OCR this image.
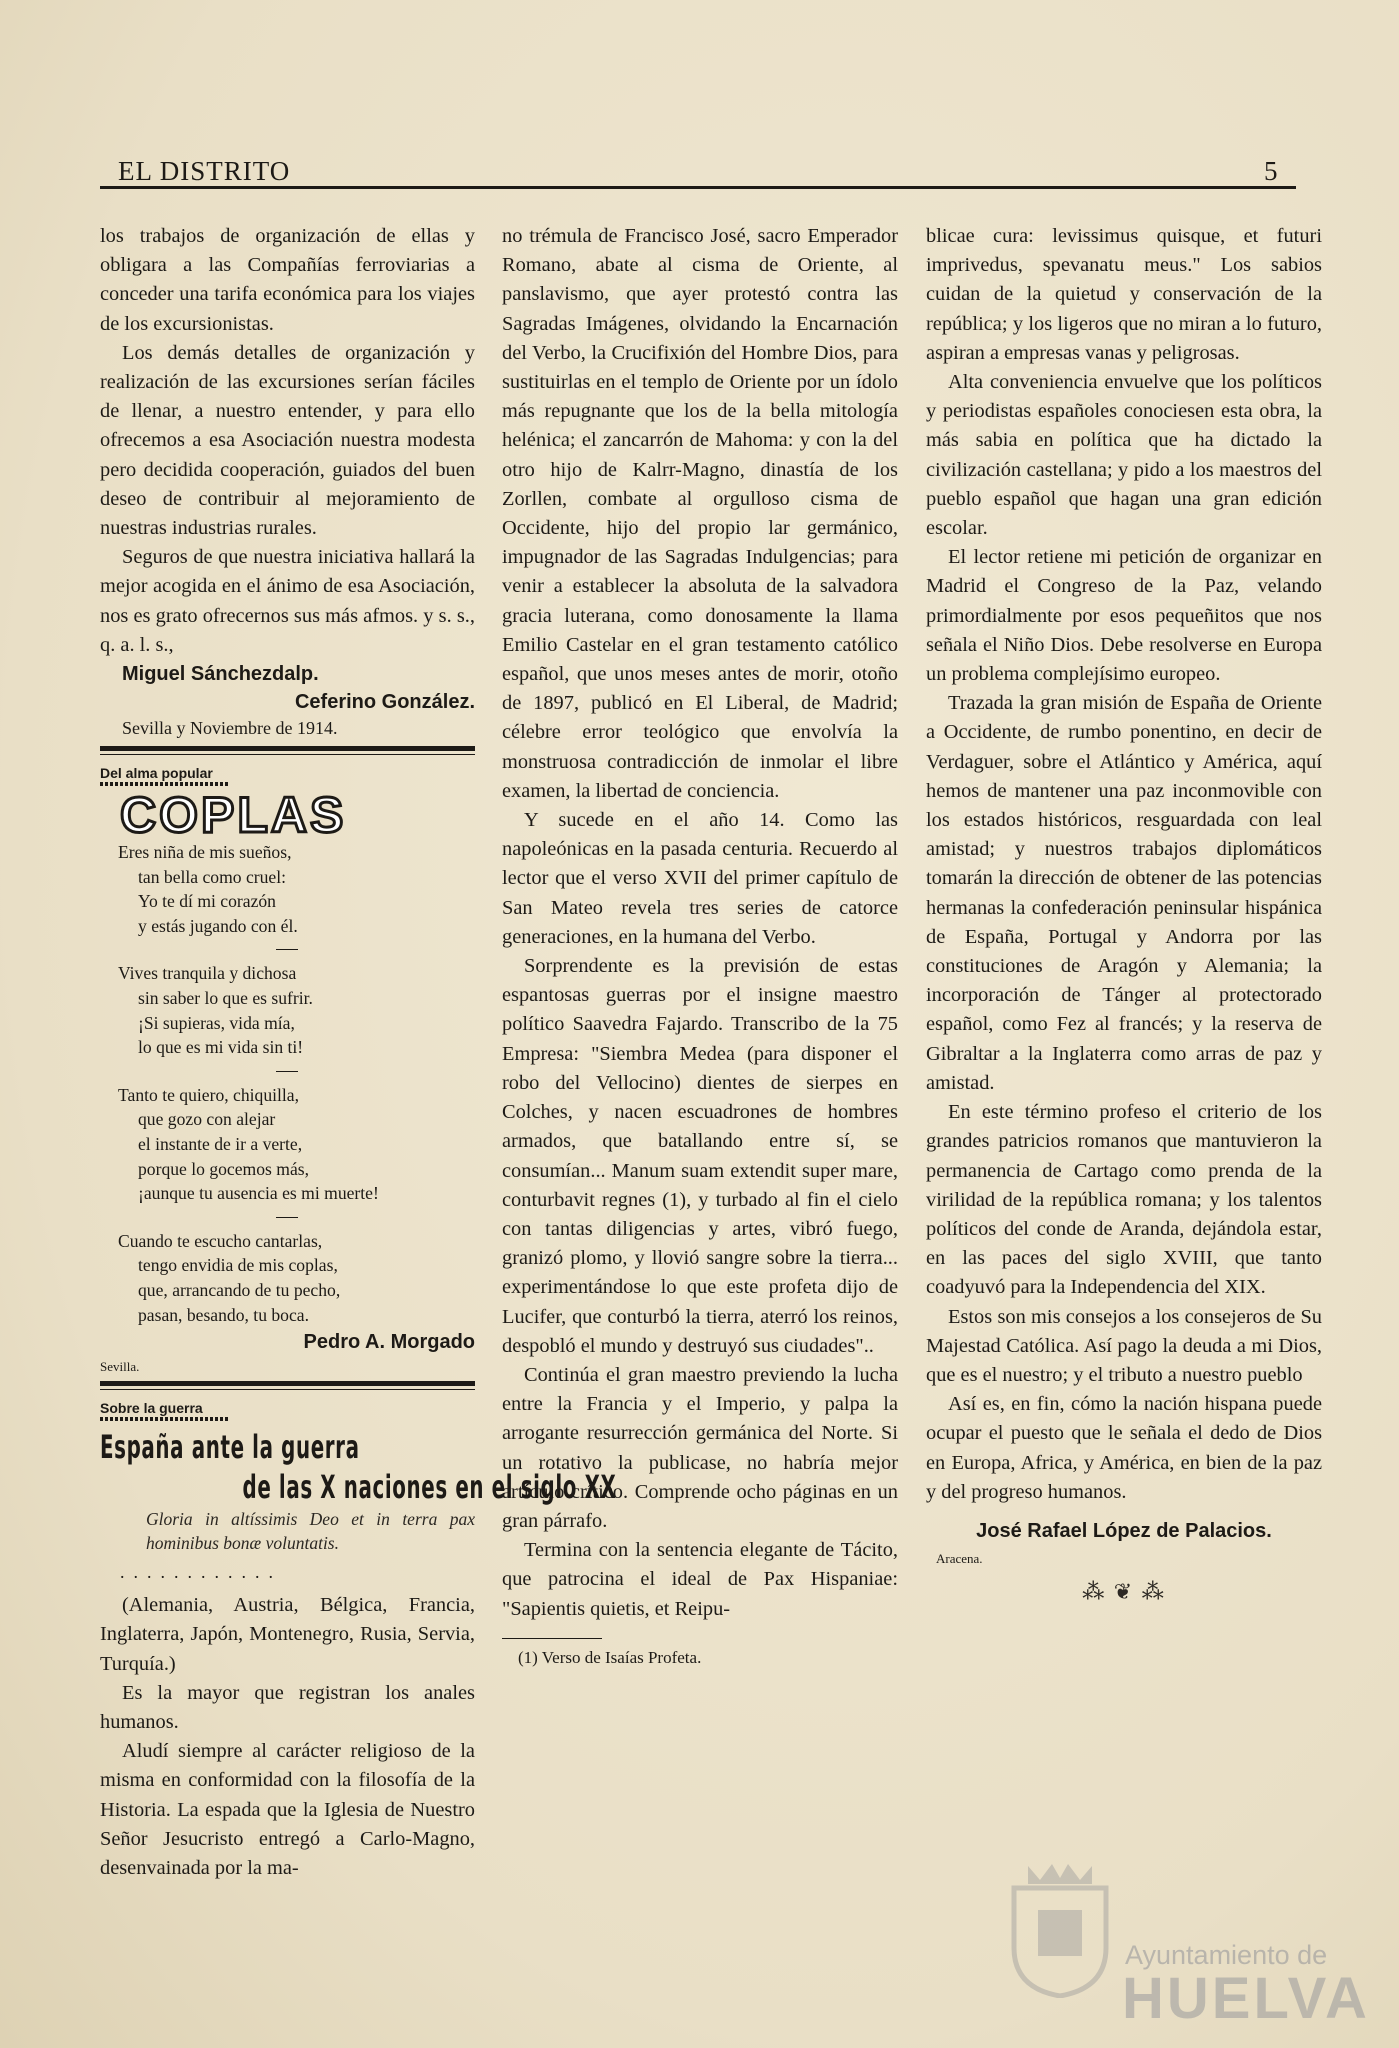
EL DISTRITO	5

los trabajos de organización de ellas y obligara a las Compañías ferroviarias a conceder una tarifa económica para los viajes de los excursionistas.

Los demás detalles de organización y realización de las excursiones serían fáciles de llenar, a nuestro entender, y para ello ofrecemos a esa Asociación nuestra modesta pero decidida cooperación, guiados del buen deseo de contribuir al mejoramiento de nuestras industrias rurales.

Seguros de que nuestra iniciativa hallará la mejor acogida en el ánimo de esa Asociación, nos es grato ofrecernos sus más afmos. y s. s., q. a. l. s.,

Miguel Sánchezdalp.

Ceferino González.

Sevilla y Noviembre de 1914.

Del alma popular
COPLAS
Eres niña de mis sueños,
tan bella como cruel:
Yo te dí mi corazón
y estás jugando con él.
Vives tranquila y dichosa
sin saber lo que es sufrir.
¡Si supieras, vida mía,
lo que es mi vida sin ti!
Tanto te quiero, chiquilla,
que gozo con alejar
el instante de ir a verte,
porque lo gocemos más,
¡aunque tu ausencia es mi muerte!
Cuando te escucho cantarlas,
tengo envidia de mis coplas,
que, arrancando de tu pecho,
pasan, besando, tu boca.
Pedro A. Morgado
Sevilla.
Sobre la guerra
España ante la guerra
de las X naciones en el siglo XX
Gloria in altíssimis Deo et in terra pax hominibus bonæ voluntatis.
............

(Alemania, Austria, Bélgica, Francia, Inglaterra, Japón, Montenegro, Rusia, Servia, Turquía.)

Es la mayor que registran los anales humanos.

Aludí siempre al carácter religioso de la misma en conformidad con la filosofía de la Historia. La espada que la Iglesia de Nuestro Señor Jesucristo entregó a Carlo-Magno, desenvainada por la ma-

no trémula de Francisco José, sacro Emperador Romano, abate al cisma de Oriente, al panslavismo, que ayer protestó contra las Sagradas Imágenes, olvidando la Encarnación del Verbo, la Crucifixión del Hombre Dios, para sustituirlas en el templo de Oriente por un ídolo más repugnante que los de la bella mitología helénica; el zancarrón de Mahoma: y con la del otro hijo de Kalrr-Magno, dinastía de los Zorllen, combate al orgulloso cisma de Occidente, hijo del propio lar germánico, impugnador de las Sagradas Indulgencias; para venir a establecer la absoluta de la salvadora gracia luterana, como donosamente la llama Emilio Castelar en el gran testamento católico español, que unos meses antes de morir, otoño de 1897, publicó en El Liberal, de Madrid; célebre error teológico que envolvía la monstruosa contradicción de inmolar el libre examen, la libertad de conciencia.

Y sucede en el año 14. Como las napoleónicas en la pasada centuria. Recuerdo al lector que el verso XVII del primer capítulo de San Mateo revela tres series de catorce generaciones, en la humana del Verbo.

Sorprendente es la previsión de estas espantosas guerras por el insigne maestro político Saavedra Fajardo. Transcribo de la 75 Empresa: "Siembra Medea (para disponer el robo del Vellocino) dientes de sierpes en Colches, y nacen escuadrones de hombres armados, que batallando entre sí, se consumían... Manum suam extendit super mare, conturbavit regnes (1), y turbado al fin el cielo con tantas diligencias y artes, vibró fuego, granizó plomo, y llovió sangre sobre la tierra... experimentándose lo que este profeta dijo de Lucifer, que conturbó la tierra, aterró los reinos, despobló el mundo y destruyó sus ciudades"..

Continúa el gran maestro previendo la lucha entre la Francia y el Imperio, y palpa la arrogante resurrección germánica del Norte. Si un rotativo la publicase, no habría mejor artículo crítico. Comprende ocho páginas en un gran párrafo.

Termina con la sentencia elegante de Tácito, que patrocina el ideal de Pax Hispaniae: "Sapientis quietis, et Reipu-

(1) Verso de Isaías Profeta.

blicae cura: levissimus quisque, et futuri imprivedus, spevanatu meus." Los sabios cuidan de la quietud y conservación de la república; y los ligeros que no miran a lo futuro, aspiran a empresas vanas y peligrosas.

Alta conveniencia envuelve que los políticos y periodistas españoles conociesen esta obra, la más sabia en política que ha dictado la civilización castellana; y pido a los maestros del pueblo español que hagan una gran edición escolar.

El lector retiene mi petición de organizar en Madrid el Congreso de la Paz, velando primordialmente por esos pequeñitos que nos señala el Niño Dios. Debe resolverse en Europa un problema complejísimo europeo.

Trazada la gran misión de España de Oriente a Occidente, de rumbo ponentino, en decir de Verdaguer, sobre el Atlántico y América, aquí hemos de mantener una paz inconmovible con los estados históricos, resguardada con leal amistad; y nuestros trabajos diplomáticos tomarán la dirección de obtener de las potencias hermanas la confederación peninsular hispánica de España, Portugal y Andorra por las constituciones de Aragón y Alemania; la incorporación de Tánger al protectorado español, como Fez al francés; y la reserva de Gibraltar a la Inglaterra como arras de paz y amistad.

En este término profeso el criterio de los grandes patricios romanos que mantuvieron la permanencia de Cartago como prenda de la virilidad de la república romana; y los talentos políticos del conde de Aranda, dejándola estar, en las paces del siglo XVIII, que tanto coadyuvó para la Independencia del XIX.

Estos son mis consejos a los consejeros de Su Majestad Católica. Así pago la deuda a mi Dios, que es el nuestro; y el tributo a nuestro pueblo

Así es, en fin, cómo la nación hispana puede ocupar el puesto que le señala el dedo de Dios en Europa, Africa, y América, en bien de la paz y del progreso humanos.

José Rafael López de Palacios.
Aracena.
⁂ ❦ ⁂
Ayuntamiento de
HUELVA
